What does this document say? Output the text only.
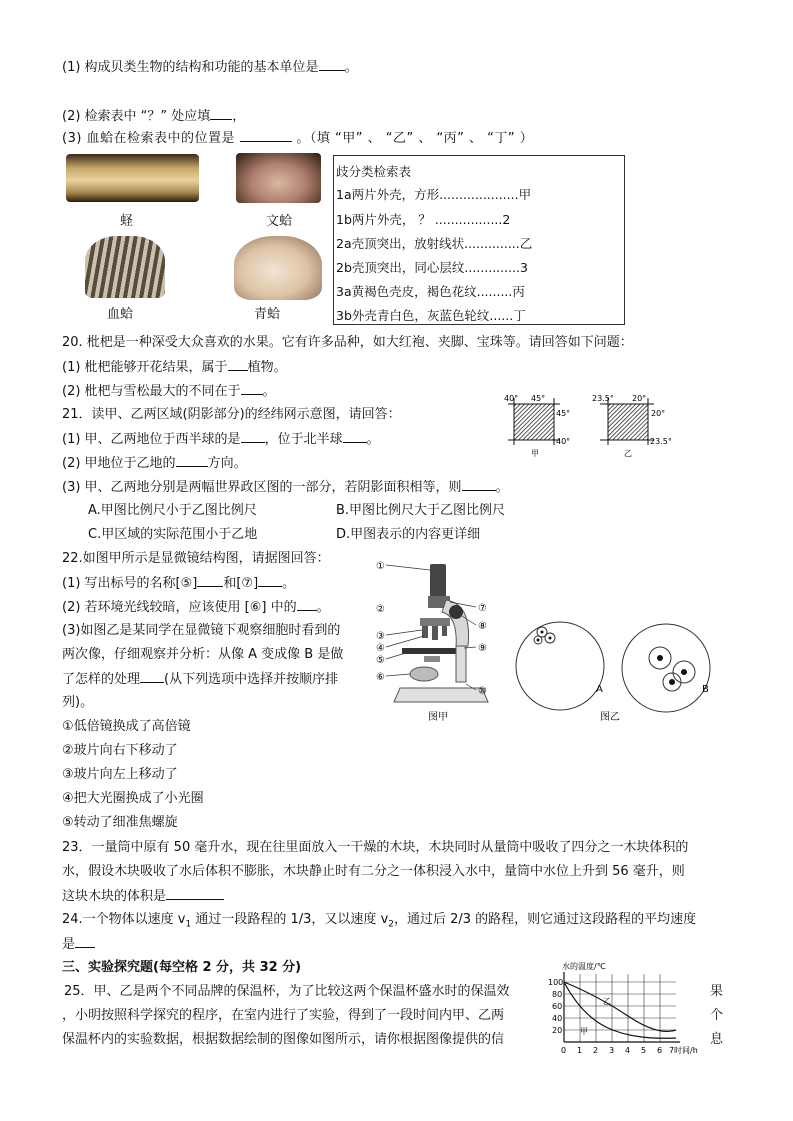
(1) 构成贝类生物的结构和功能的基本单位是 。
(2) 检索表中 “？” 处应填 ，
(3) 血蛤在检索表中的位置是	。（填 “甲” 、 “乙” 、 “丙” 、 “丁” ）
蛏	文蛤
血蛤	青蛤
歧分类检索表
1a两片外壳，方形....................甲
1b两片外壳， ？ .................2
2a壳顶突出，放射线状..............乙
2b壳顶突出，同心层纹..............3
3a黄褐色壳皮，褐色花纹.........丙
3b外壳青白色，灰蓝色轮纹......丁
20. 枇杷是一种深受大众喜欢的水果。它有许多品种，如大红袍、夹脚、宝珠等。请回答如下问题：
(1) 枇杷能够开花结果，属于 植物。
(2) 枇杷与雪松最大的不同在于 。
21．读甲、乙两区域(阴影部分)的经纬网示意图，请回答：
(1) 甲、乙两地位于西半球的是 ，位于北半球 。
(2) 甲地位于乙地的 方向。
(3) 甲、乙两地分别是两幅世界政区图的一部分，若阴影面积相等，则	。
A.甲图比例尺小于乙图比例尺	B.甲图比例尺大于乙图比例尺
C.甲区域的实际范围小于乙地	D.甲图表示的内容更详细
40° 45°
45°
40°
甲
23.5° 20°
20°
23.5°
乙
22.如图甲所示是显微镜结构图，请据图回答：
(1) 写出标号的名称[⑤] 和[⑦] 。
(2) 若环境光线较暗，应该使用 [⑥] 中的 。
(3)如图乙是某同学在显微镜下观察细胞时看到的
两次像，仔细观察并分析：从像 A 变成像 B 是做
了怎样的处理 (从下列选项中选择并按顺序排
列)。
①低倍镜换成了高倍镜
②玻片向右下移动了
③玻片向左上移动了
④把大光圈换成了小光圈
⑤转动了细准焦螺旋
①
③
④
⑤
⑥
②	⑦
⑧
⑨
⑩
图甲
A	B
图乙
23．一量筒中原有 50 毫升水，现在往里面放入一干燥的木块，木块同时从量筒中吸收了四分之一木块体积的
水，假设木块吸收了水后体积不膨胀，木块静止时有二分之一体积浸入水中，量筒中水位上升到 56 毫升，则
这块木块的体积是
24.一个物体以速度 $v_1$ 通过一段路程的 1/3，又以速度 $v_2$，通过后 2/3 的路程，则它通过这段路程的平均速度
是
三、实验探究题(每空格 2 分，共 32 分)
25．甲、乙是两个不同品牌的保温杯，为了比较这两个保温杯盛水时的保温效	果
，小明按照科学探究的程序，在室内进行了实验，得到了一段时间内甲、乙两	个
保温杯内的实验数据，根据数据绘制的图像如图所示，请你根据图像提供的信	息
水的温度/℃
乙
甲
100
80
60
40
20
0 1 2 3 4 5 6 7 时间/h
